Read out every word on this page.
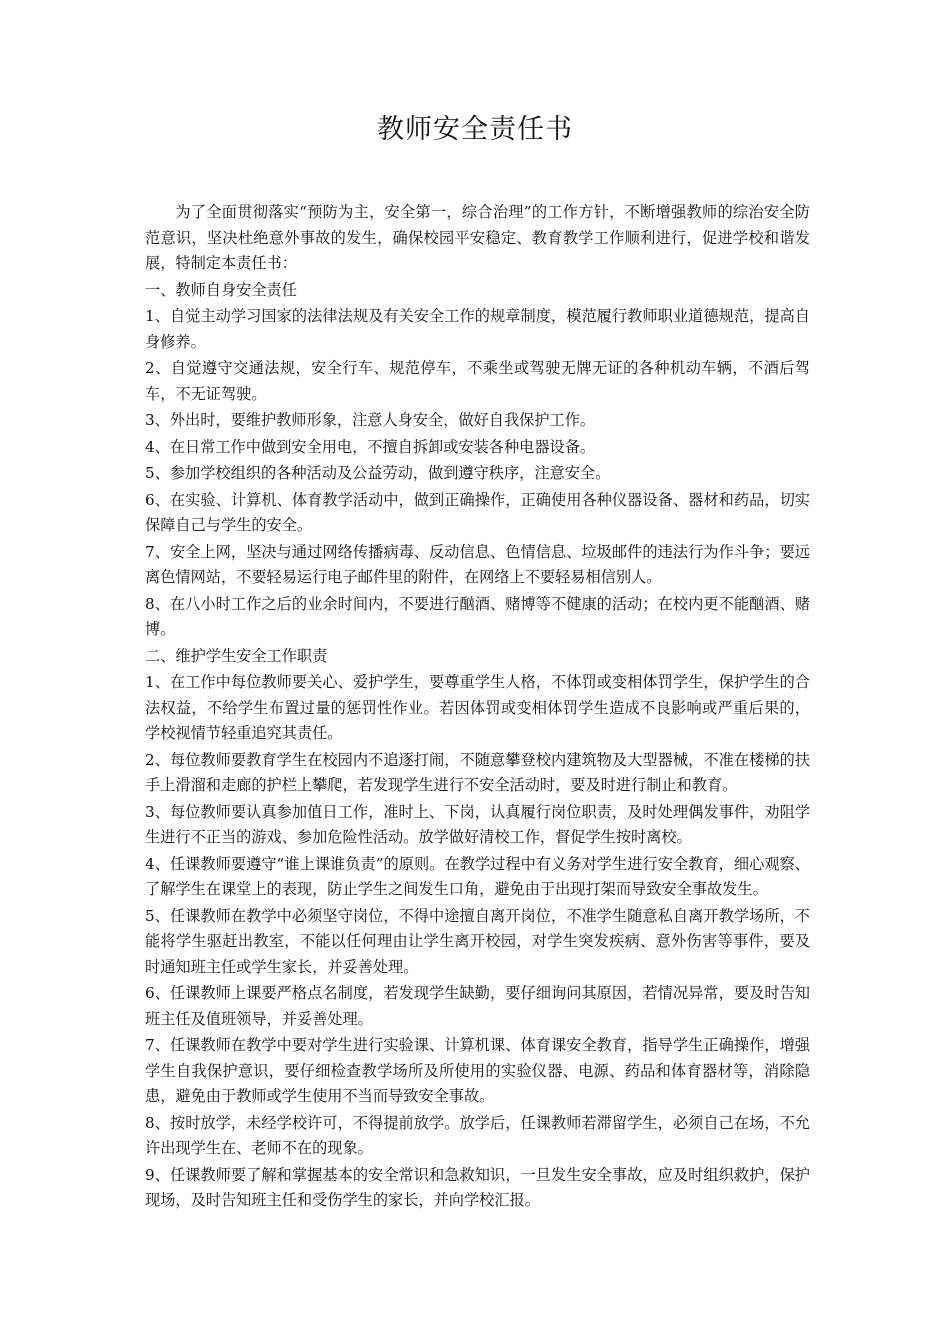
教师安全责任书

为了全面贯彻落实“预防为主，安全第一，综合治理”的工作方针，不断增强教师的综治安全防范意识，坚决杜绝意外事故的发生，确保校园平安稳定、教育教学工作顺利进行，促进学校和谐发展，特制定本责任书：

一、教师自身安全责任

1、自觉主动学习国家的法律法规及有关安全工作的规章制度，模范履行教师职业道德规范，提高自身修养。

2、自觉遵守交通法规，安全行车、规范停车，不乘坐或驾驶无牌无证的各种机动车辆，不酒后驾车，不无证驾驶。

3、外出时，要维护教师形象，注意人身安全，做好自我保护工作。

4、在日常工作中做到安全用电，不擅自拆卸或安装各种电器设备。

5、参加学校组织的各种活动及公益劳动，做到遵守秩序，注意安全。

6、在实验、计算机、体育教学活动中，做到正确操作，正确使用各种仪器设备、器材和药品，切实保障自己与学生的安全。

7、安全上网，坚决与通过网络传播病毒、反动信息、色情信息、垃圾邮件的违法行为作斗争；要远离色情网站，不要轻易运行电子邮件里的附件，在网络上不要轻易相信别人。

8、在八小时工作之后的业余时间内，不要进行酗酒、赌博等不健康的活动；在校内更不能酗酒、赌博。

二、维护学生安全工作职责

1、在工作中每位教师要关心、爱护学生，要尊重学生人格，不体罚或变相体罚学生，保护学生的合法权益，不给学生布置过量的惩罚性作业。若因体罚或变相体罚学生造成不良影响或严重后果的，学校视情节轻重追究其责任。

2、每位教师要教育学生在校园内不追逐打闹，不随意攀登校内建筑物及大型器械，不准在楼梯的扶手上滑溜和走廊的护栏上攀爬，若发现学生进行不安全活动时，要及时进行制止和教育。

3、每位教师要认真参加值日工作，准时上、下岗，认真履行岗位职责，及时处理偶发事件，劝阻学生进行不正当的游戏、参加危险性活动。放学做好清校工作，督促学生按时离校。

4、任课教师要遵守“谁上课谁负责”的原则。在教学过程中有义务对学生进行安全教育，细心观察、了解学生在课堂上的表现，防止学生之间发生口角，避免由于出现打架而导致安全事故发生。

5、任课教师在教学中必须坚守岗位，不得中途擅自离开岗位，不准学生随意私自离开教学场所，不能将学生驱赶出教室，不能以任何理由让学生离开校园，对学生突发疾病、意外伤害等事件，要及时通知班主任或学生家长，并妥善处理。

6、任课教师上课要严格点名制度，若发现学生缺勤，要仔细询问其原因，若情况异常，要及时告知班主任及值班领导，并妥善处理。

7、任课教师在教学中要对学生进行实验课、计算机课、体育课安全教育，指导学生正确操作，增强学生自我保护意识，要仔细检查教学场所及所使用的实验仪器、电源、药品和体育器材等，消除隐患，避免由于教师或学生使用不当而导致安全事故。

8、按时放学，未经学校许可，不得提前放学。放学后，任课教师若滞留学生，必须自己在场，不允许出现学生在、老师不在的现象。

9、任课教师要了解和掌握基本的安全常识和急救知识，一旦发生安全事故，应及时组织救护，保护现场，及时告知班主任和受伤学生的家长，并向学校汇报。
